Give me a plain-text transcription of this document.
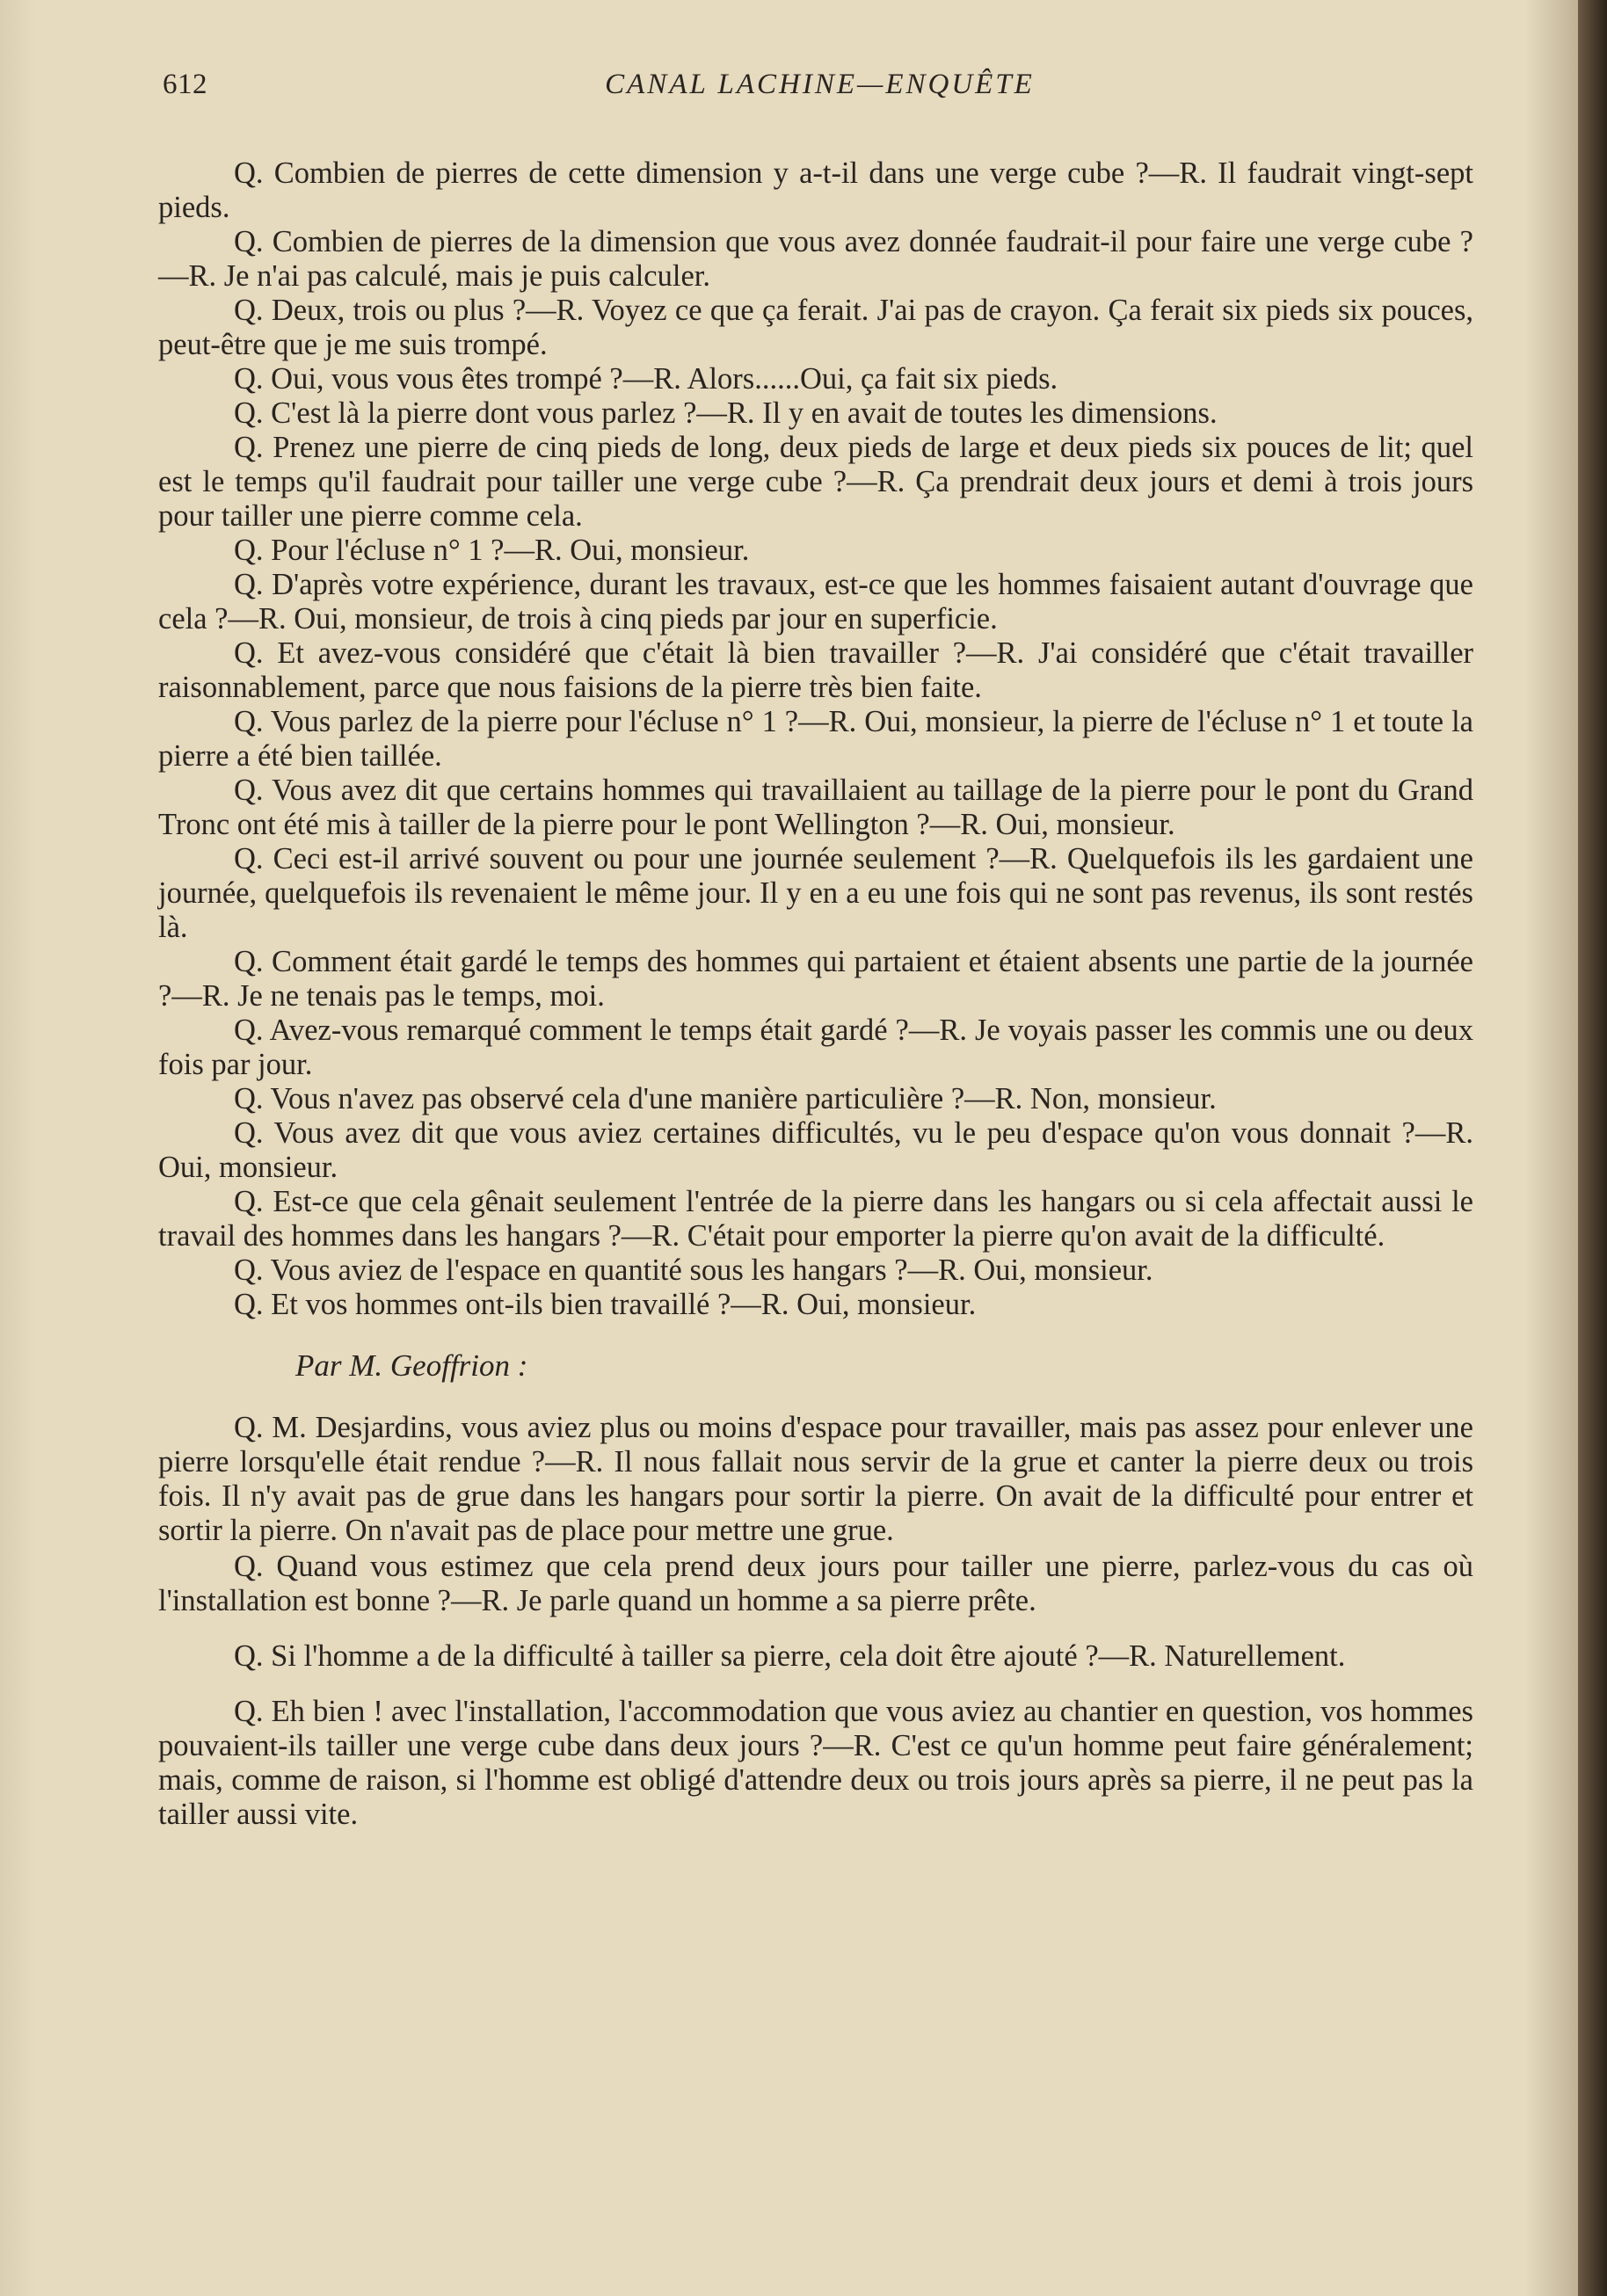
612	CANAL LACHINE—ENQUÊTE

Q. Combien de pierres de cette dimension y a-t-il dans une verge cube ?—R. Il faudrait vingt-sept pieds.

Q. Combien de pierres de la dimension que vous avez donnée faudrait-il pour faire une verge cube ?—R. Je n'ai pas calculé, mais je puis calculer.

Q. Deux, trois ou plus ?—R. Voyez ce que ça ferait. J'ai pas de crayon. Ça ferait six pieds six pouces, peut-être que je me suis trompé.

Q. Oui, vous vous êtes trompé ?—R. Alors......Oui, ça fait six pieds.

Q. C'est là la pierre dont vous parlez ?—R. Il y en avait de toutes les dimensions.

Q. Prenez une pierre de cinq pieds de long, deux pieds de large et deux pieds six pouces de lit; quel est le temps qu'il faudrait pour tailler une verge cube ?—R. Ça prendrait deux jours et demi à trois jours pour tailler une pierre comme cela.

Q. Pour l'écluse n° 1 ?—R. Oui, monsieur.

Q. D'après votre expérience, durant les travaux, est-ce que les hommes faisaient autant d'ouvrage que cela ?—R. Oui, monsieur, de trois à cinq pieds par jour en superficie.

Q. Et avez-vous considéré que c'était là bien travailler ?—R. J'ai considéré que c'était travailler raisonnablement, parce que nous faisions de la pierre très bien faite.

Q. Vous parlez de la pierre pour l'écluse n° 1 ?—R. Oui, monsieur, la pierre de l'écluse n° 1 et toute la pierre a été bien taillée.

Q. Vous avez dit que certains hommes qui travaillaient au taillage de la pierre pour le pont du Grand Tronc ont été mis à tailler de la pierre pour le pont Wellington ?—R. Oui, monsieur.

Q. Ceci est-il arrivé souvent ou pour une journée seulement ?—R. Quelquefois ils les gardaient une journée, quelquefois ils revenaient le même jour. Il y en a eu une fois qui ne sont pas revenus, ils sont restés là.

Q. Comment était gardé le temps des hommes qui partaient et étaient absents une partie de la journée ?—R. Je ne tenais pas le temps, moi.

Q. Avez-vous remarqué comment le temps était gardé ?—R. Je voyais passer les commis une ou deux fois par jour.

Q. Vous n'avez pas observé cela d'une manière particulière ?—R. Non, monsieur.

Q. Vous avez dit que vous aviez certaines difficultés, vu le peu d'espace qu'on vous donnait ?—R. Oui, monsieur.

Q. Est-ce que cela gênait seulement l'entrée de la pierre dans les hangars ou si cela affectait aussi le travail des hommes dans les hangars ?—R. C'était pour emporter la pierre qu'on avait de la difficulté.

Q. Vous aviez de l'espace en quantité sous les hangars ?—R. Oui, monsieur.

Q. Et vos hommes ont-ils bien travaillé ?—R. Oui, monsieur.

Par M. Geoffrion :

Q. M. Desjardins, vous aviez plus ou moins d'espace pour travailler, mais pas assez pour enlever une pierre lorsqu'elle était rendue ?—R. Il nous fallait nous servir de la grue et canter la pierre deux ou trois fois. Il n'y avait pas de grue dans les hangars pour sortir la pierre. On avait de la difficulté pour entrer et sortir la pierre. On n'avait pas de place pour mettre une grue.

Q. Quand vous estimez que cela prend deux jours pour tailler une pierre, parlez-vous du cas où l'installation est bonne ?—R. Je parle quand un homme a sa pierre prête.

Q. Si l'homme a de la difficulté à tailler sa pierre, cela doit être ajouté ?—R. Naturellement.

Q. Eh bien ! avec l'installation, l'accommodation que vous aviez au chantier en question, vos hommes pouvaient-ils tailler une verge cube dans deux jours ?—R. C'est ce qu'un homme peut faire généralement; mais, comme de raison, si l'homme est obligé d'attendre deux ou trois jours après sa pierre, il ne peut pas la tailler aussi vite.
